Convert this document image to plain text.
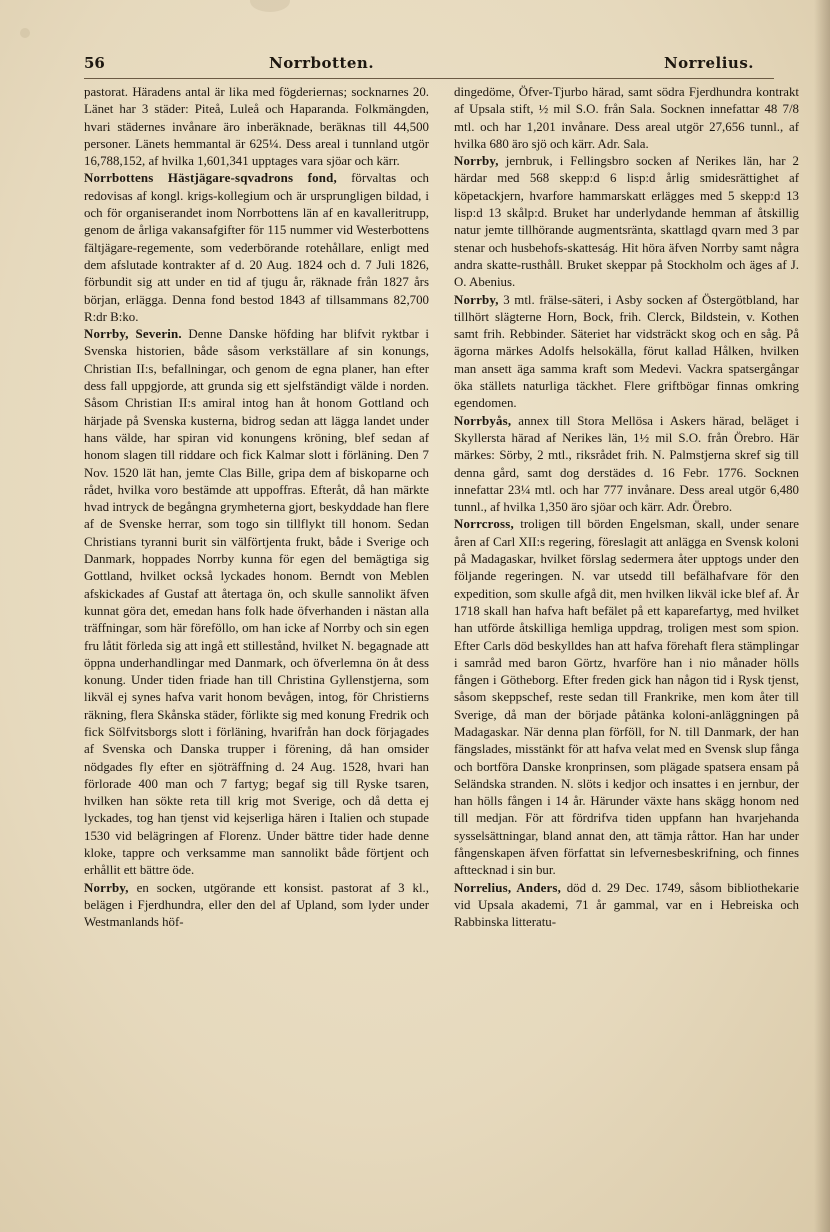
56	Norrbotten.	Norrelius.

pastorat. Häradens antal är lika med fögderiernas; socknarnes 20. Länet har 3 städer: Piteå, Luleå och Haparanda. Folkmängden, hvari städernes invånare äro inberäknade, beräknas till 44,500 personer. Länets hemmantal är 625¼. Dess areal i tunnland utgör 16,788,152, af hvilka 1,601,341 upptages vara sjöar och kärr.

Norrbottens Hästjägare-sqvadrons fond, förvaltas och redovisas af kongl. krigs-kollegium och är ursprungligen bildad, i och för organiserandet inom Norrbottens län af en kavalleritrupp, genom de årliga vakansafgifter för 115 nummer vid Westerbottens fältjägare-regemente, som vederbörande rotehållare, enligt med dem afslutade kontrakter af d. 20 Aug. 1824 och d. 7 Juli 1826, förbundit sig att under en tid af tjugu år, räknade från 1827 års början, erlägga. Denna fond bestod 1843 af tillsammans 82,700 R:dr B:ko.

Norrby, Severin. Denne Danske höfding har blifvit ryktbar i Svenska historien, både såsom verkställare af sin konungs, Christian II:s, befallningar, och genom de egna planer, han efter dess fall uppgjorde, att grunda sig ett sjelfständigt välde i norden. Såsom Christian II:s amiral intog han åt honom Gottland och härjade på Svenska kusterna, bidrog sedan att lägga landet under hans välde, har spiran vid konungens kröning, blef sedan af honom slagen till riddare och fick Kalmar slott i förläning. Den 7 Nov. 1520 lät han, jemte Clas Bille, gripa dem af biskoparne och rådet, hvilka voro bestämde att uppoffras. Efteråt, då han märkte hvad intryck de begångna grymheterna gjort, beskyddade han flere af de Svenske herrar, som togo sin tillflykt till honom. Sedan Christians tyranni burit sin välförtjenta frukt, både i Sverige och Danmark, hoppades Norrby kunna för egen del bemägtiga sig Gottland, hvilket också lyckades honom. Berndt von Meblen afskickades af Gustaf att återtaga ön, och skulle sannolikt äfven kunnat göra det, emedan hans folk hade öfverhanden i nästan alla träffningar, som här föreföllo, om han icke af Norrby och sin egen fru låtit förleda sig att ingå ett stillestånd, hvilket N. begagnade att öppna underhandlingar med Danmark, och öfverlemna ön åt dess konung. Under tiden friade han till Christina Gyllenstjerna, som likväl ej synes hafva varit honom bevågen, intog, för Christierns räkning, flera Skånska städer, förlikte sig med konung Fredrik och fick Sölfvitsborgs slott i förläning, hvarifrån han dock förjagades af Svenska och Danska trupper i förening, då han omsider nödgades fly efter en sjöträffning d. 24 Aug. 1528, hvari han förlorade 400 man och 7 fartyg; begaf sig till Ryske tsaren, hvilken han sökte reta till krig mot Sverige, och då detta ej lyckades, tog han tjenst vid kejserliga hären i Italien och stupade 1530 vid belägringen af Florenz. Under bättre tider hade denne kloke, tappre och verksamme man sannolikt både förtjent och erhållit ett bättre öde.

Norrby, en socken, utgörande ett konsist. pastorat af 3 kl., belägen i Fjerdhundra, eller den del af Upland, som lyder under Westmanlands höf-

dingedöme, Öfver-Tjurbo härad, samt södra Fjerdhundra kontrakt af Upsala stift, ½ mil S.O. från Sala. Socknen innefattar 48 7/8 mtl. och har 1,201 invånare. Dess areal utgör 27,656 tunnl., af hvilka 680 äro sjö och kärr. Adr. Sala.

Norrby, jernbruk, i Fellingsbro socken af Nerikes län, har 2 härdar med 568 skepp:d 6 lisp:d årlig smidesrättighet af köpetackjern, hvarfore hammarskatt erlägges med 5 skepp:d 13 lisp:d 13 skålp:d. Bruket har underlydande hemman af åtskillig natur jemte tillhörande augmentsränta, skattlagd qvarn med 3 par stenar och husbehofs-skatteság. Hit höra äfven Norrby samt några andra skatte-rusthåll. Bruket skeppar på Stockholm och äges af J. O. Abenius.

Norrby, 3 mtl. frälse-säteri, i Asby socken af Östergötbland, har tillhört slägterne Horn, Bock, frih. Clerck, Bildstein, v. Kothen samt frih. Rebbinder. Säteriet har vidsträckt skog och en såg. På ägorna märkes Adolfs helsokälla, förut kallad Hålken, hvilken man ansett äga samma kraft som Medevi. Vackra spatsergångar öka ställets naturliga täckhet. Flere griftbögar finnas omkring egendomen.

Norrbyås, annex till Stora Mellösa i Askers härad, beläget i Skyllersta härad af Nerikes län, 1½ mil S.O. från Örebro. Här märkes: Sörby, 2 mtl., riksrådet frih. N. Palmstjerna skref sig till denna gård, samt dog derstädes d. 16 Febr. 1776. Socknen innefattar 23¼ mtl. och har 777 invånare. Dess areal utgör 6,480 tunnl., af hvilka 1,350 äro sjöar och kärr. Adr. Örebro.

Norrcross, troligen till börden Engelsman, skall, under senare åren af Carl XII:s regering, föreslagit att anlägga en Svensk koloni på Madagaskar, hvilket förslag sedermera åter upptogs under den följande regeringen. N. var utsedd till befälhafvare för den expedition, som skulle afgå dit, men hvilken likväl icke blef af. År 1718 skall han hafva haft befälet på ett kaparefartyg, med hvilket han utförde åtskilliga hemliga uppdrag, troligen mest som spion. Efter Carls död beskylldes han att hafva förehaft flera stämplingar i samråd med baron Görtz, hvarföre han i nio månader hölls fången i Götheborg. Efter freden gick han någon tid i Rysk tjenst, såsom skeppschef, reste sedan till Frankrike, men kom åter till Sverige, då man der började påtänka koloni-anläggningen på Madagaskar. När denna plan förföll, for N. till Danmark, der han fängslades, misstänkt för att hafva velat med en Svensk slup fånga och bortföra Danske kronprinsen, som plägade spatsera ensam på Seländska stranden. N. slöts i kedjor och insattes i en jernbur, der han hölls fången i 14 år. Härunder växte hans skägg honom ned till medjan. För att fördrifva tiden uppfann han hvarjehanda sysselsättningar, bland annat den, att tämja råttor. Han har under fångenskapen äfven författat sin lefvernesbeskrifning, och finnes afttecknad i sin bur.

Norrelius, Anders, död d. 29 Dec. 1749, såsom bibliothekarie vid Upsala akademi, 71 år gammal, var en i Hebreiska och Rabbinska litteratu-
